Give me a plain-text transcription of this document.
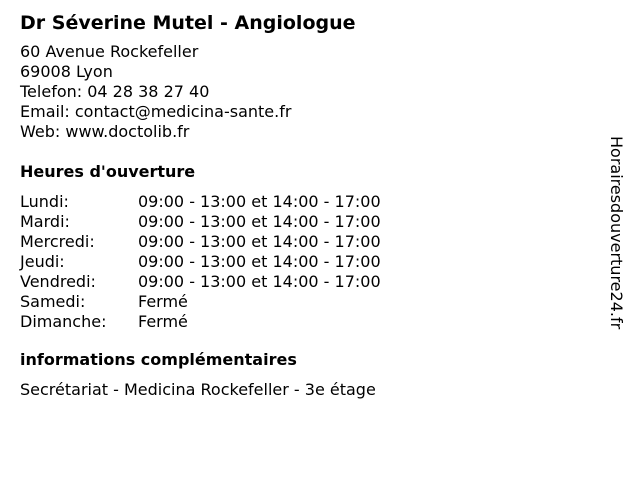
Dr Séverine Mutel - Angiologue
60 Avenue Rockefeller
69008 Lyon
Telefon: 04 28 38 27 40
Email: contact@medicina-sante.fr
Web: www.doctolib.fr
Heures d'ouverture
Lundi:	09:00 - 13:00 et 14:00 - 17:00
Mardi:	09:00 - 13:00 et 14:00 - 17:00
Mercredi:	09:00 - 13:00 et 14:00 - 17:00
Jeudi:	09:00 - 13:00 et 14:00 - 17:00
Vendredi:	09:00 - 13:00 et 14:00 - 17:00
Samedi:	Fermé
Dimanche:	Fermé
informations complémentaires
Secrétariat - Medicina Rockefeller - 3e étage
Horairesdouverture24.fr
